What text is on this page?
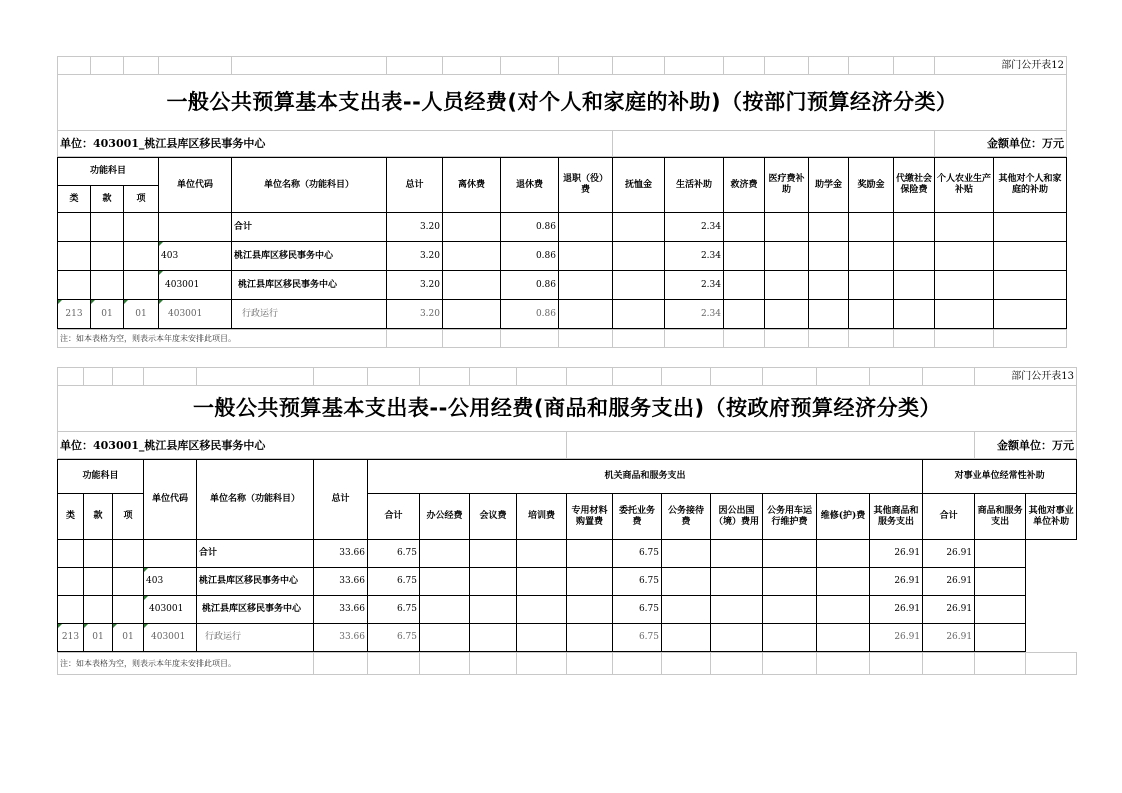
																部门公开表12
一般公共预算基本支出表--人员经费(对个人和家庭的补助)（按部门预算经济分类）																
单位：403001_桃江县库区移民事务中心																金额单位：万元
功能科目			单位代码	单位名称（功能科目）	总计	离休费	退休费	退职（役）费	抚恤金	生活补助	救济费	医疗费补助	助学金	奖励金	代缴社会保险费	个人农业生产补贴	其他对个人和家庭的补助
类	款	项															
				合计	3.20		0.86			2.34							
			403	桃江县库区移民事务中心	3.20		0.86			2.34							
			403001	桃江县库区移民事务中心	3.20		0.86			2.34							
213	01	01	403001	行政运行	3.20		0.86			2.34							
注：如本表格为空，则表示本年度未安排此项目。													
																		部门公开表13
一般公共预算基本支出表--公用经费(商品和服务支出)（按政府预算经济分类）																		
单位：403001_桃江县库区移民事务中心																		金额单位：万元
功能科目			单位代码	单位名称（功能科目）	总计	机关商品和服务支出											对事业单位经常性补助		
类	款	项				合计	办公经费	会议费	培训费	专用材料购置费	委托业务费	公务接待费	因公出国（境）费用	公务用车运行维护费	维修(护)费	其他商品和服务支出	合计	商品和服务支出	其他对事业单位补助
				合计	33.66	6.75					6.75					26.91	26.91		
			403	桃江县库区移民事务中心	33.66	6.75					6.75					26.91	26.91		
			403001	桃江县库区移民事务中心	33.66	6.75					6.75					26.91	26.91		
213	01	01	403001	行政运行	33.66	6.75					6.75					26.91	26.91		
注：如本表格为空，则表示本年度未安排此项目。															
